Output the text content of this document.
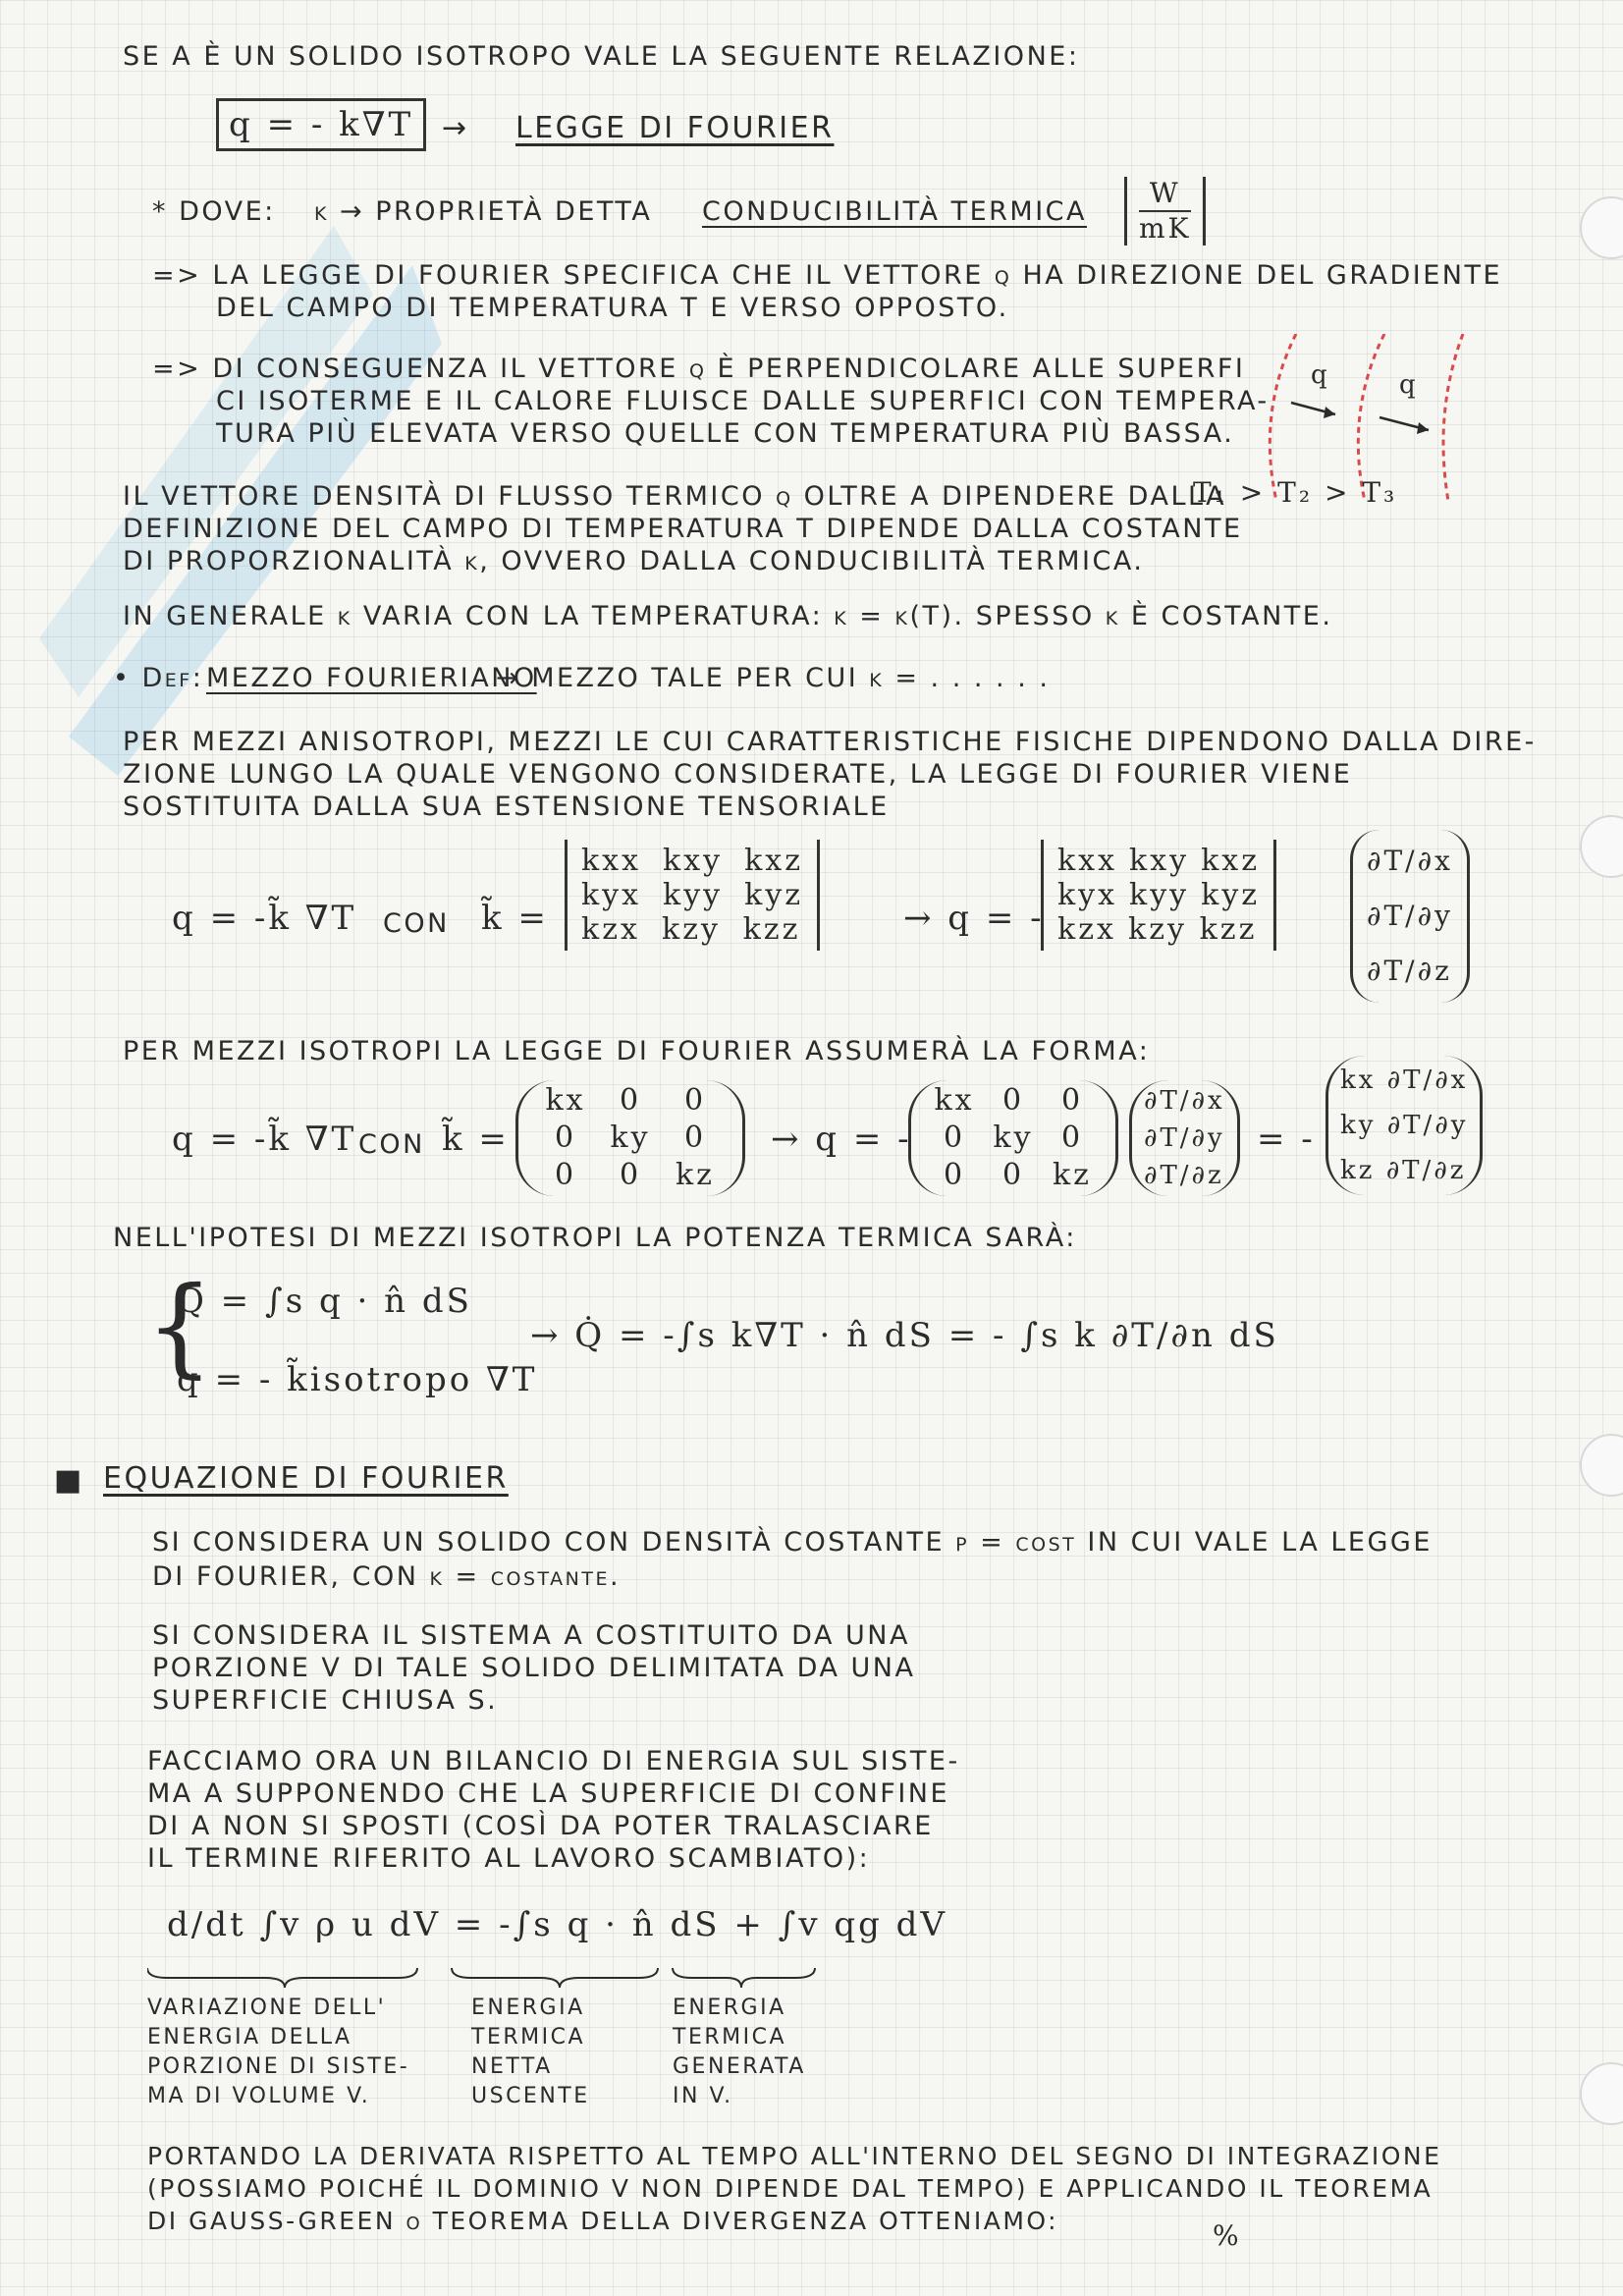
SE A È UN SOLIDO ISOTROPO VALE LA SEGUENTE RELAZIONE:
q = - k∇T → LEGGE DI FOURIER
* DOVE: k → PROPRIETÀ DETTA CONDUCIBILITÀ TERMICA $\frac{W}{mK}$
=> LA LEGGE DI FOURIER SPECIFICA CHE IL VETTORE q HA DIREZIONE DEL GRADIENTE
DEL CAMPO DI TEMPERATURA T E VERSO OPPOSTO.
=> DI CONSEGUENZA IL VETTORE q È PERPENDICOLARE ALLE SUPERFI
CI ISOTERME E IL CALORE FLUISCE DALLE SUPERFICI CON TEMPERA-
TURA PIÙ ELEVATA VERSO QUELLE CON TEMPERATURA PIÙ BASSA.
q	q
T₁ > T₂ > T₃
IL VETTORE DENSITÀ DI FLUSSO TERMICO q OLTRE A DIPENDERE DALLA
DEFINIZIONE DEL CAMPO DI TEMPERATURA T DIPENDE DALLA COSTANTE
DI PROPORZIONALITÀ k, OVVERO DALLA CONDUCIBILITÀ TERMICA.
IN GENERALE k VARIA CON LA TEMPERATURA: k = k(T). SPESSO k È COSTANTE.
• Def: MEZZO FOURIERIANO
→ MEZZO TALE PER CUI k = . . . . . .
PER MEZZI ANISOTROPI, MEZZI LE CUI CARATTERISTICHE FISICHE DIPENDONO DALLA DIRE-
ZIONE LUNGO LA QUALE VENGONO CONSIDERATE, LA LEGGE DI FOURIER VIENE
SOSTITUITA DALLA SUA ESTENSIONE TENSORIALE
q = -k̃ ∇T CON k̃ =
kxx kxy kxz
kyx kyy kyz
kzx kzy kzz	→ q = -
kxx kxy kxz
kyx kyy kyz
kzx kzy kzz
∂T/∂x
∂T/∂y
∂T/∂z
PER MEZZI ISOTROPI LA LEGGE DI FOURIER ASSUMERÀ LA FORMA:
q = -k̃ ∇T CON k̃ =
kx	0	0
0	ky	0
0	0	kz
→ q = -
kx 0	0
0 ky 0
0	0 kz
∂T/∂x
∂T/∂y
∂T/∂z
= -
kx ∂T/∂x
ky ∂T/∂y
kz ∂T/∂z
NELL'IPOTESI DI MEZZI ISOTROPI LA POTENZA TERMICA SARÀ:
{
Q̇ = ∫s q · n̂ dS
q = - k̃isotropo ∇T
→ Q̇ = -∫s k∇T · n̂ dS = - ∫s k ∂T/∂n dS
■ EQUAZIONE DI FOURIER
SI CONSIDERA UN SOLIDO CON DENSITÀ COSTANTE ρ = cost IN CUI VALE LA LEGGE
DI FOURIER, CON k = costante.
SI CONSIDERA IL SISTEMA A COSTITUITO DA UNA
PORZIONE V DI TALE SOLIDO DELIMITATA DA UNA
SUPERFICIE CHIUSA S.
FACCIAMO ORA UN BILANCIO DI ENERGIA SUL SISTE-
MA A SUPPONENDO CHE LA SUPERFICIE DI CONFINE
DI A NON SI SPOSTI (COSÌ DA POTER TRALASCIARE
IL TERMINE RIFERITO AL LAVORO SCAMBIATO):
d/dt ∫v ρ u dV = -∫s q · n̂ dS + ∫v qg dV
VARIAZIONE DELL'
ENERGIA DELLA
PORZIONE DI SISTE-
MA DI VOLUME V.
ENERGIA
TERMICA
NETTA
USCENTE
ENERGIA
TERMICA
GENERATA
IN V.
PORTANDO LA DERIVATA RISPETTO AL TEMPO ALL'INTERNO DEL SEGNO DI INTEGRAZIONE
(POSSIAMO POICHÉ IL DOMINIO V NON DIPENDE DAL TEMPO) E APPLICANDO IL TEOREMA
DI GAUSS-GREEN o TEOREMA DELLA DIVERGENZA OTTENIAMO:	%
